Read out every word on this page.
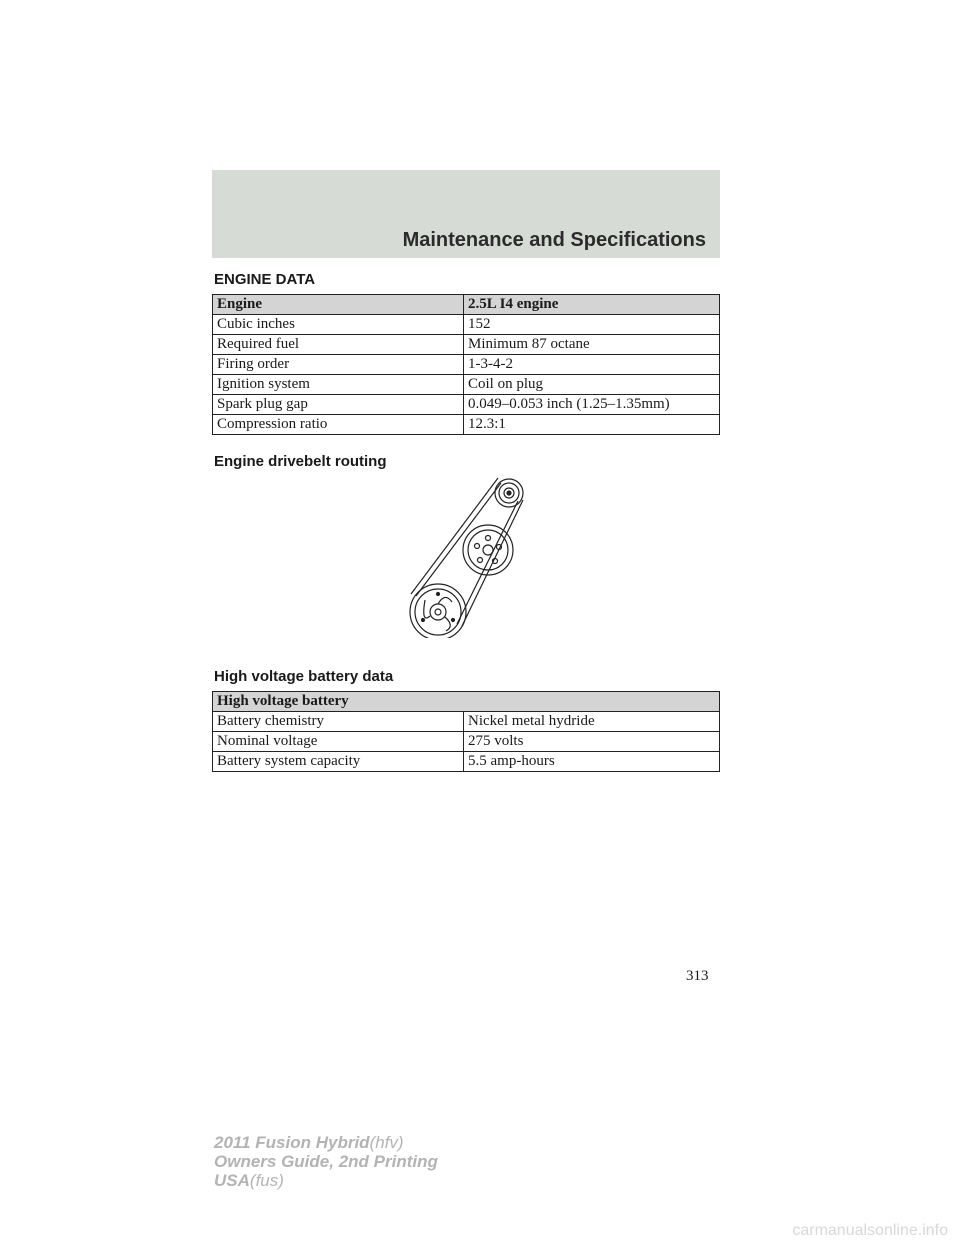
Maintenance and Specifications
ENGINE DATA
Engine	2.5L I4 engine
Cubic inches	152
Required fuel	Minimum 87 octane
Firing order	1-3-4-2
Ignition system	Coil on plug
Spark plug gap	0.049–0.053 inch (1.25–1.35mm)
Compression ratio	12.3:1
Engine drivebelt routing
High voltage battery data
High voltage battery	
Battery chemistry	Nickel metal hydride
Nominal voltage	275 volts
Battery system capacity	5.5 amp-hours
313
2011 Fusion Hybrid(hfv)
Owners Guide, 2nd Printing
USA(fus)
carmanualsonline.info
